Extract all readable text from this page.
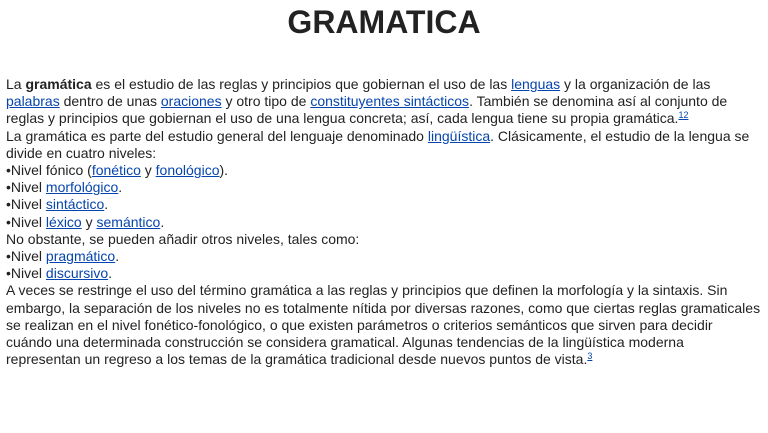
GRAMATICA

La gramática es el estudio de las reglas y principios que gobiernan el uso de las lenguas y la organización de las palabras dentro de unas oraciones y otro tipo de constituyentes sintácticos. También se denomina así al conjunto de reglas y principios que gobiernan el uso de una lengua concreta; así, cada lengua tiene su propia gramática.$^{12}$

La gramática es parte del estudio general del lenguaje denominado lingüística. Clásicamente, el estudio de la lengua se divide en cuatro niveles:

•Nivel fónico (fonético y fonológico).

•Nivel morfológico.

•Nivel sintáctico.

•Nivel léxico y semántico.

No obstante, se pueden añadir otros niveles, tales como:

•Nivel pragmático.

•Nivel discursivo.

A veces se restringe el uso del término gramática a las reglas y principios que definen la morfología y la sintaxis. Sin embargo, la separación de los niveles no es totalmente nítida por diversas razones, como que ciertas reglas gramaticales se realizan en el nivel fonético-fonológico, o que existen parámetros o criterios semánticos que sirven para decidir cuándo una determinada construcción se considera gramatical. Algunas tendencias de la lingüística moderna representan un regreso a los temas de la gramática tradicional desde nuevos puntos de vista.$^3$
